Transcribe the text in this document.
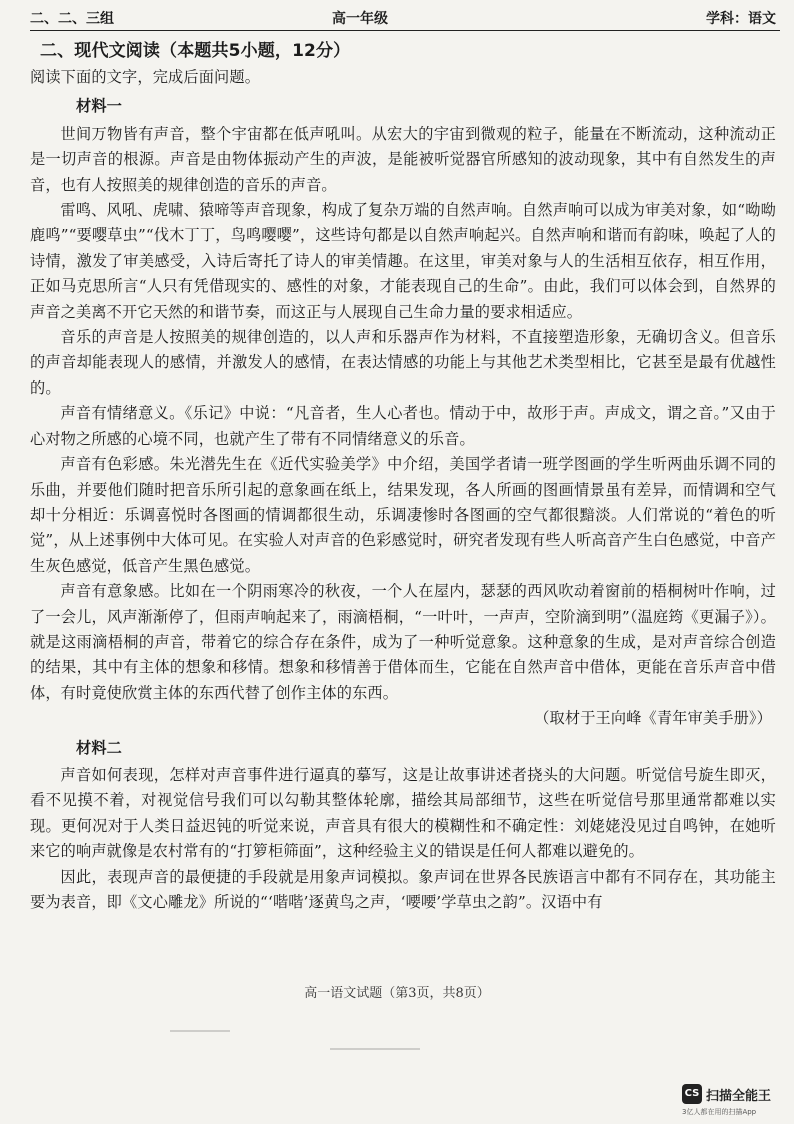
二、二、三组	高一年级	学科：语文
二、现代文阅读（本题共5小题，12分）

阅读下面的文字，完成后面问题。

材料一

世间万物皆有声音，整个宇宙都在低声吼叫。从宏大的宇宙到微观的粒子，能量在不断流动，这种流动正是一切声音的根源。声音是由物体振动产生的声波，是能被听觉器官所感知的波动现象，其中有自然发生的声音，也有人按照美的规律创造的音乐的声音。

雷鸣、风吼、虎啸、猿啼等声音现象，构成了复杂万端的自然声响。自然声响可以成为审美对象，如“呦呦鹿鸣”“要嘤草虫”“伐木丁丁，鸟鸣嘤嘤”，这些诗句都是以自然声响起兴。自然声响和谐而有韵味，唤起了人的诗情，激发了审美感受，入诗后寄托了诗人的审美情趣。在这里，审美对象与人的生活相互依存，相互作用，正如马克思所言“人只有凭借现实的、感性的对象，才能表现自己的生命”。由此，我们可以体会到，自然界的声音之美离不开它天然的和谐节奏，而这正与人展现自己生命力量的要求相适应。

音乐的声音是人按照美的规律创造的，以人声和乐器声作为材料，不直接塑造形象，无确切含义。但音乐的声音却能表现人的感情，并激发人的感情，在表达情感的功能上与其他艺术类型相比，它甚至是最有优越性的。

声音有情绪意义。《乐记》中说：“凡音者，生人心者也。情动于中，故形于声。声成文，谓之音。”又由于心对物之所感的心境不同，也就产生了带有不同情绪意义的乐音。

声音有色彩感。朱光潜先生在《近代实验美学》中介绍，美国学者请一班学图画的学生听两曲乐调不同的乐曲，并要他们随时把音乐所引起的意象画在纸上，结果发现，各人所画的图画情景虽有差异，而情调和空气却十分相近：乐调喜悦时各图画的情调都很生动，乐调凄惨时各图画的空气都很黯淡。人们常说的“着色的听觉”，从上述事例中大体可见。在实验人对声音的色彩感觉时，研究者发现有些人听高音产生白色感觉，中音产生灰色感觉，低音产生黑色感觉。

声音有意象感。比如在一个阴雨寒冷的秋夜，一个人在屋内，瑟瑟的西风吹动着窗前的梧桐树叶作响，过了一会儿，风声渐渐停了，但雨声响起来了，雨滴梧桐，“一叶叶，一声声，空阶滴到明”（温庭筠《更漏子》）。就是这雨滴梧桐的声音，带着它的综合存在条件，成为了一种听觉意象。这种意象的生成，是对声音综合创造的结果，其中有主体的想象和移情。想象和移情善于借体而生，它能在自然声音中借体，更能在音乐声音中借体，有时竟使欣赏主体的东西代替了创作主体的东西。

（取材于王向峰《青年审美手册》）

材料二

声音如何表现，怎样对声音事件进行逼真的摹写，这是让故事讲述者挠头的大问题。听觉信号旋生即灭，看不见摸不着，对视觉信号我们可以勾勒其整体轮廓，描绘其局部细节，这些在听觉信号那里通常都难以实现。更何况对于人类日益迟钝的听觉来说，声音具有很大的模糊性和不确定性：刘姥姥没见过自鸣钟，在她听来它的响声就像是农村常有的“打箩柜筛面”，这种经验主义的错误是任何人都难以避免的。

因此，表现声音的最便捷的手段就是用象声词模拟。象声词在世界各民族语言中都有不同存在，其功能主要为表音，即《文心雕龙》所说的“‘喈喈’逐黄鸟之声，‘喓喓’学草虫之韵”。汉语中有

高一语文试题（第3页，共8页）
CS 扫描全能王
3亿人都在用的扫描App
